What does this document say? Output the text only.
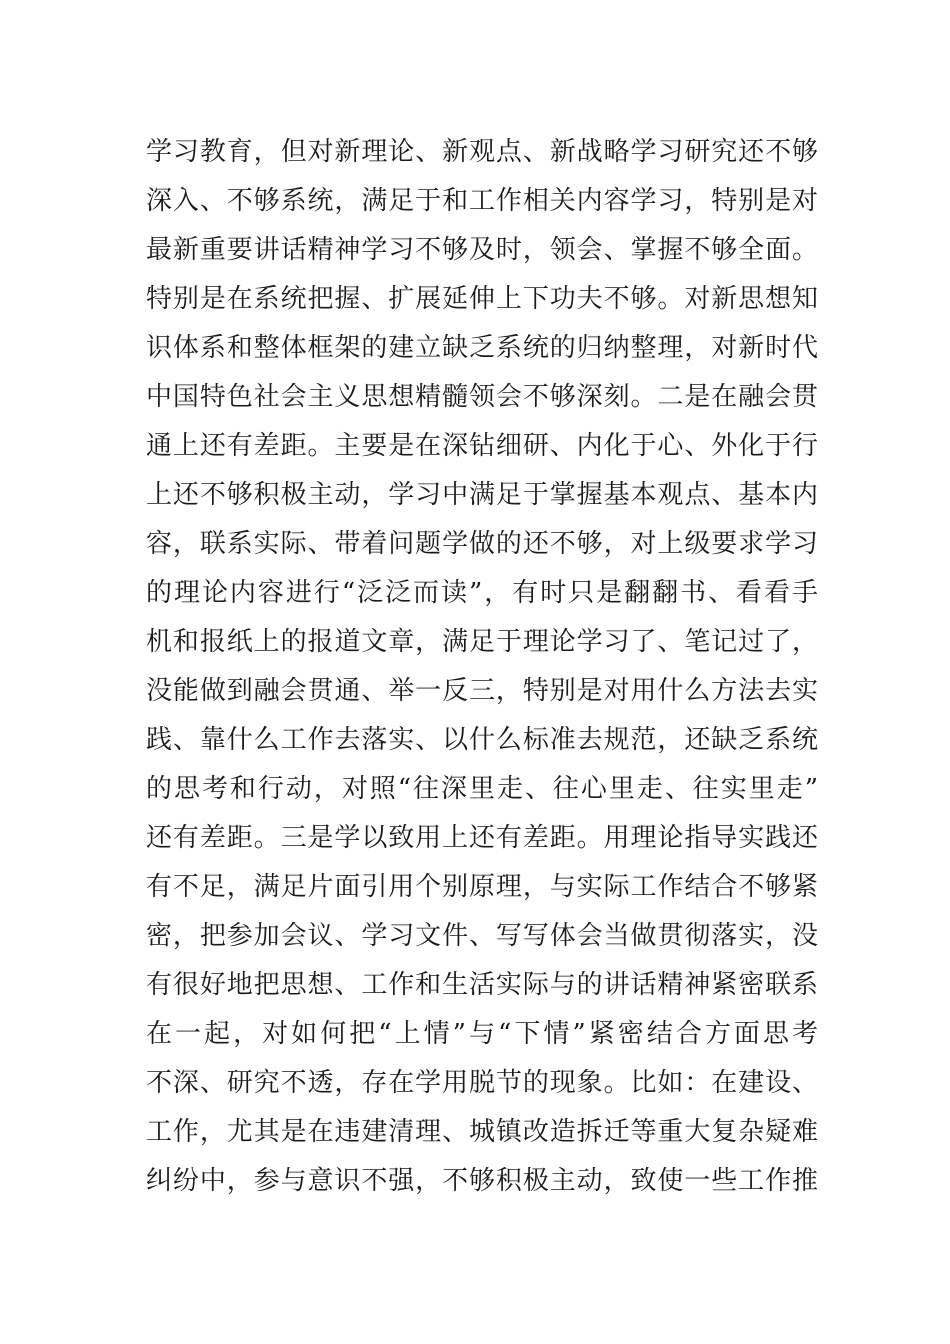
学习教育，但对新理论、新观点、新战略学习研究还不够
深入、不够系统，满足于和工作相关内容学习，特别是对
最新重要讲话精神学习不够及时，领会、掌握不够全面。
特别是在系统把握、扩展延伸上下功夫不够。对新思想知
识体系和整体框架的建立缺乏系统的归纳整理，对新时代
中国特色社会主义思想精髓领会不够深刻。二是在融会贯
通上还有差距。主要是在深钻细研、内化于心、外化于行
上还不够积极主动，学习中满足于掌握基本观点、基本内
容，联系实际、带着问题学做的还不够，对上级要求学习
的理论内容进行“泛泛而读”，有时只是翻翻书、看看手
机和报纸上的报道文章，满足于理论学习了、笔记过了，
没能做到融会贯通、举一反三，特别是对用什么方法去实
践、靠什么工作去落实、以什么标准去规范，还缺乏系统
的思考和行动，对照“往深里走、往心里走、往实里走”
还有差距。三是学以致用上还有差距。用理论指导实践还
有不足，满足片面引用个别原理，与实际工作结合不够紧
密，把参加会议、学习文件、写写体会当做贯彻落实，没
有很好地把思想、工作和生活实际与的讲话精神紧密联系
在一起，对如何把“上情”与“下情”紧密结合方面思考
不深、研究不透，存在学用脱节的现象。比如：在建设、
工作，尤其是在违建清理、城镇改造拆迁等重大复杂疑难
纠纷中，参与意识不强，不够积极主动，致使一些工作推
